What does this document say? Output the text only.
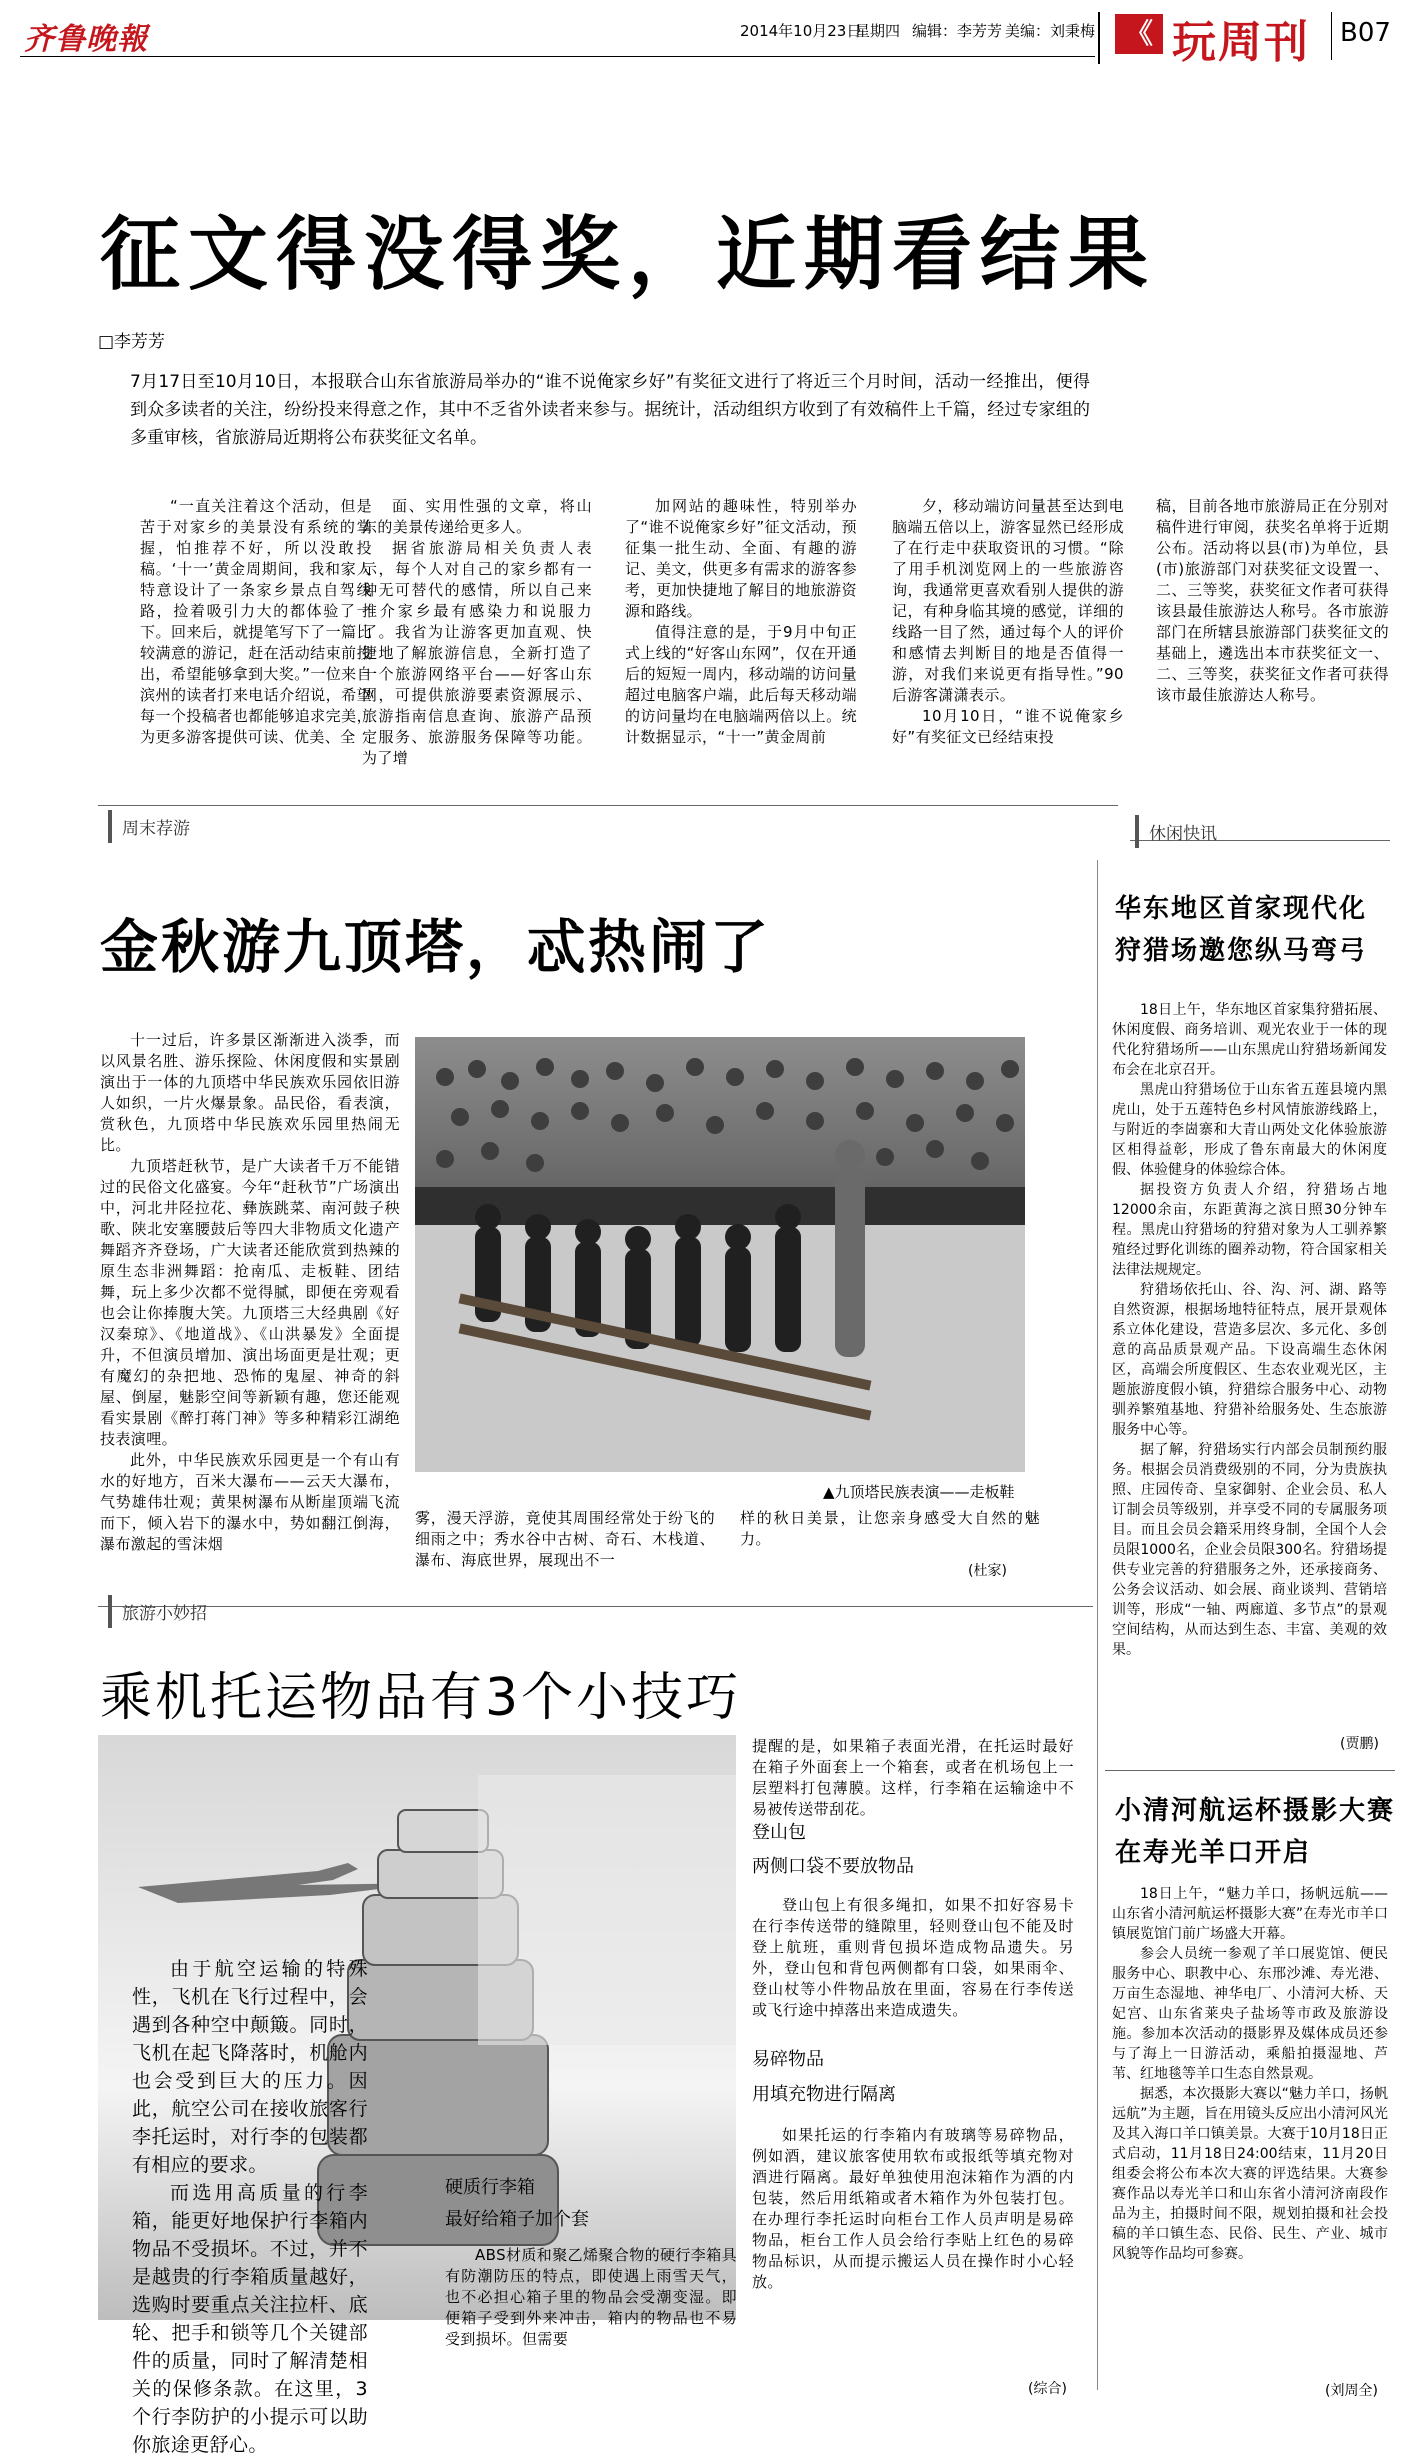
齐鲁晚報	2014年10月23日
星期四 编辑：李芳芳 美编：刘秉梅	《 玩周刊 B07
征文得没得奖，近期看结果
□李芳芳
7月17日至10月10日，本报联合山东省旅游局举办的“谁不说俺家乡好”有奖征文进行了将近三个月时间，活动一经推出，便得到众多读者的关注，纷纷投来得意之作，其中不乏省外读者来参与。据统计，活动组织方收到了有效稿件上千篇，经过专家组的多重审核，省旅游局近期将公布获奖征文名单。

“一直关注着这个活动，但是苦于对家乡的美景没有系统的掌握，怕推荐不好，所以没敢投稿。‘十一’黄金周期间，我和家人特意设计了一条家乡景点自驾线路，捡着吸引力大的都体验了一下。回来后，就提笔写下了一篇比较满意的游记，赶在活动结束前投出，希望能够拿到大奖。”一位来自滨州的读者打来电话介绍说，希望每一个投稿者也都能够追求完美，为更多游客提供可读、优美、全

面、实用性强的文章，将山东的美景传递给更多人。

据省旅游局相关负责人表示，每个人对自己的家乡都有一种无可替代的感情，所以自己来推介家乡最有感染力和说服力了。我省为让游客更加直观、快捷地了解旅游信息，全新打造了一个旅游网络平台——好客山东网，可提供旅游要素资源展示、旅游指南信息查询、旅游产品预定服务、旅游服务保障等功能。为了增

加网站的趣味性，特别举办了“谁不说俺家乡好”征文活动，预征集一批生动、全面、有趣的游记、美文，供更多有需求的游客参考，更加快捷地了解目的地旅游资源和路线。

值得注意的是，于9月中旬正式上线的“好客山东网”，仅在开通后的短短一周内，移动端的访问量超过电脑客户端，此后每天移动端的访问量均在电脑端两倍以上。统计数据显示，“十一”黄金周前

夕，移动端访问量甚至达到电脑端五倍以上，游客显然已经形成了在行走中获取资讯的习惯。“除了用手机浏览网上的一些旅游咨询，我通常更喜欢看别人提供的游记，有种身临其境的感觉，详细的线路一目了然，通过每个人的评价和感情去判断目的地是否值得一游，对我们来说更有指导性。”90后游客潇潇表示。

10月10日，“谁不说俺家乡好”有奖征文已经结束投

稿，目前各地市旅游局正在分别对稿件进行审阅，获奖名单将于近期公布。活动将以县(市)为单位，县(市)旅游部门对获奖征文设置一、二、三等奖，获奖征文作者可获得该县最佳旅游达人称号。各市旅游部门在所辖县旅游部门获奖征文的基础上，遴选出本市获奖征文一、二、三等奖，获奖征文作者可获得该市最佳旅游达人称号。

周末荐游	休闲快讯
金秋游九顶塔，忒热闹了

十一过后，许多景区渐渐进入淡季，而以风景名胜、游乐探险、休闲度假和实景剧演出于一体的九顶塔中华民族欢乐园依旧游人如织，一片火爆景象。品民俗，看表演，赏秋色，九顶塔中华民族欢乐园里热闹无比。

九顶塔赶秋节，是广大读者千万不能错过的民俗文化盛宴。今年“赶秋节”广场演出中，河北井陉拉花、彝族跳菜、南河鼓子秧歌、陕北安塞腰鼓后等四大非物质文化遗产舞蹈齐齐登场，广大读者还能欣赏到热辣的原生态非洲舞蹈：抢南瓜、走板鞋、团结舞，玩上多少次都不觉得腻，即便在旁观看也会让你捧腹大笑。九顶塔三大经典剧《好汉秦琼》、《地道战》、《山洪暴发》全面提升，不但演员增加、演出场面更是壮观；更有魔幻的杂把地、恐怖的鬼屋、神奇的斜屋、倒屋，魅影空间等新颖有趣，您还能观看实景剧《醉打蒋门神》等多种精彩江湖绝技表演哩。

此外，中华民族欢乐园更是一个有山有水的好地方，百米大瀑布——云天大瀑布，气势雄伟壮观；黄果树瀑布从断崖顶端飞流而下，倾入岩下的瀑水中，势如翻江倒海，瀑布激起的雪沫烟

▲九顶塔民族表演——走板鞋

雾，漫天浮游，竟使其周围经常处于纷飞的细雨之中；秀水谷中古树、奇石、木栈道、瀑布、海底世界，展现出不一

样的秋日美景，让您亲身感受大自然的魅力。

(杜家)
旅游小妙招
乘机托运物品有3个小技巧

由于航空运输的特殊性，飞机在飞行过程中，会遇到各种空中颠簸。同时，飞机在起飞降落时，机舱内也会受到巨大的压力。因此，航空公司在接收旅客行李托运时，对行李的包装都有相应的要求。

而选用高质量的行李箱，能更好地保护行李箱内物品不受损坏。不过，并不是越贵的行李箱质量越好，选购时要重点关注拉杆、底轮、把手和锁等几个关键部件的质量，同时了解清楚相关的保修条款。在这里，3个行李防护的小提示可以助你旅途更舒心。

硬质行李箱
最好给箱子加个套

ABS材质和聚乙烯聚合物的硬行李箱具有防潮防压的特点，即使遇上雨雪天气，也不必担心箱子里的物品会受潮变湿。即便箱子受到外来冲击，箱内的物品也不易受到损坏。但需要

提醒的是，如果箱子表面光滑，在托运时最好在箱子外面套上一个箱套，或者在机场包上一层塑料打包薄膜。这样，行李箱在运输途中不易被传送带刮花。

登山包
两侧口袋不要放物品

登山包上有很多绳扣，如果不扣好容易卡在行李传送带的缝隙里，轻则登山包不能及时登上航班，重则背包损坏造成物品遗失。另外，登山包和背包两侧都有口袋，如果雨伞、登山杖等小件物品放在里面，容易在行李传送或飞行途中掉落出来造成遗失。

易碎物品
用填充物进行隔离

如果托运的行李箱内有玻璃等易碎物品，例如酒，建议旅客使用软布或报纸等填充物对酒进行隔离。最好单独使用泡沫箱作为酒的内包装，然后用纸箱或者木箱作为外包装打包。在办理行李托运时向柜台工作人员声明是易碎物品，柜台工作人员会给行李贴上红色的易碎物品标识，从而提示搬运人员在操作时小心轻放。

(综合)
华东地区首家现代化狩猎场邀您纵马弯弓

18日上午，华东地区首家集狩猎拓展、休闲度假、商务培训、观光农业于一体的现代化狩猎场所——山东黑虎山狩猎场新闻发布会在北京召开。

黑虎山狩猎场位于山东省五莲县境内黑虎山，处于五莲特色乡村风情旅游线路上，与附近的李崮寨和大青山两处文化体验旅游区相得益彰，形成了鲁东南最大的休闲度假、体验健身的体验综合体。

据投资方负责人介绍，狩猎场占地12000余亩，东距黄海之滨日照30分钟车程。黑虎山狩猎场的狩猎对象为人工驯养繁殖经过野化训练的圈养动物，符合国家相关法律法规规定。

狩猎场依托山、谷、沟、河、湖、路等自然资源，根据场地特征特点，展开景观体系立体化建设，营造多层次、多元化、多创意的高品质景观产品。下设高端生态休闲区，高端会所度假区、生态农业观光区，主题旅游度假小镇，狩猎综合服务中心、动物驯养繁殖基地、狩猎补给服务处、生态旅游服务中心等。

据了解，狩猎场实行内部会员制预约服务。根据会员消费级别的不同，分为贵族执照、庄园传奇、皇家御射、企业会员、私人订制会员等级别，并享受不同的专属服务项目。而且会员会籍采用终身制，全国个人会员限1000名，企业会员限300名。狩猎场提供专业完善的狩猎服务之外，还承接商务、公务会议活动、如会展、商业谈判、营销培训等，形成“一轴、两廊道、多节点”的景观空间结构，从而达到生态、丰富、美观的效果。

(贾鹏)
小清河航运杯摄影大赛在寿光羊口开启

18日上午，“魅力羊口，扬帆远航——山东省小清河航运杯摄影大赛”在寿光市羊口镇展览馆门前广场盛大开幕。

参会人员统一参观了羊口展览馆、便民服务中心、职教中心、东邢沙滩、寿光港、万亩生态湿地、神华电厂、小清河大桥、天妃宫、山东省莱央子盐场等市政及旅游设施。参加本次活动的摄影界及媒体成员还参与了海上一日游活动，乘船拍摄湿地、芦苇、红地毯等羊口生态自然景观。

据悉，本次摄影大赛以“魅力羊口，扬帆远航”为主题，旨在用镜头反应出小清河风光及其入海口羊口镇美景。大赛于10月18日正式启动，11月18日24:00结束，11月20日组委会将公布本次大赛的评选结果。大赛参赛作品以寿光羊口和山东省小清河济南段作品为主，拍摄时间不限，规划拍摄和社会投稿的羊口镇生态、民俗、民生、产业、城市风貌等作品均可参赛。

(刘周全)
